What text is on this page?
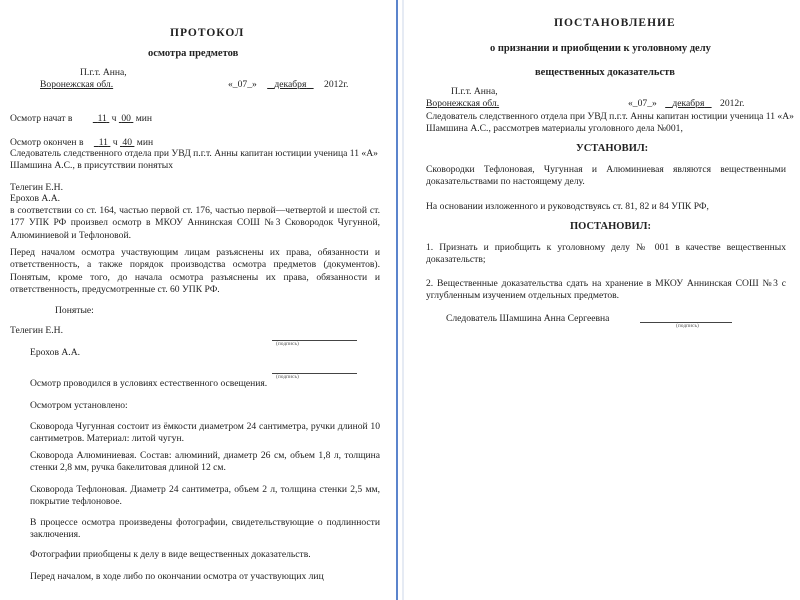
ПРОТОКОЛ
осмотра предметов
П.г.т. Анна,
Воронежская обл.	«_07_» декабря 2012г.
Осмотр начат в	11 ч 00 мин
Осмотр окончен в 11 ч 40 мин
Следователь следственного отдела при УВД п.г.т. Анны капитан юстиции ученица 11 «А»
Шамшина А.С., в присутствии понятых
Телегин Е.Н.
Ерохов А.А.

в соответствии со ст. 164, частью первой ст. 176, частью первой—четвертой и шестой ст. 177 УПК РФ произвел осмотр в МКОУ Аннинская СОШ №3 Сковородок Чугунной, Алюминиевой и Тефлоновой.

Перед началом осмотра участвующим лицам разъяснены их права, обязанности и ответственность, а также порядок производства осмотра предметов (документов). Понятым, кроме того, до начала осмотра разъяснены их права, обязанности и ответственность, предусмотренные ст. 60 УПК РФ.

Понятые:
Телегин Е.Н.
(подпись)
Ерохов А.А.
(подпись)
Осмотр проводился в условиях естественного освещения.
Осмотром установлено:

Сковорода Чугунная состоит из ёмкости диаметром 24 сантиметра, ручки длиной 10 сантиметров. Материал: литой чугун.

Сковорода Алюминиевая. Состав: алюминий, диаметр 26 см, объем 1,8 л, толщина стенки 2,8 мм, ручка бакелитовая длиной 12 см.

Сковорода Тефлоновая. Диаметр 24 сантиметра, объем 2 л, толщина стенки 2,5 мм, покрытие тефлоновое.

В процессе осмотра произведены фотографии, свидетельствующие о подлинности заключения.

Фотографии приобщены к делу в виде вещественных доказательств.
Перед началом, в ходе либо по окончании осмотра от участвующих лиц
ПОСТАНОВЛЕНИЕ
о признании и приобщении к уголовному делу
вещественных доказательств
П.г.т. Анна,
Воронежская обл.	«_07_» декабря 2012г.
Следователь следственного отдела при УВД п.г.т. Анны капитан юстиции ученица 11 «А»
Шамшина А.С., рассмотрев материалы уголовного дела №001,
УСТАНОВИЛ:

Сковородки Тефлоновая, Чугунная и Алюминиевая являются вещественными доказательствами по настоящему делу.

На основании изложенного и руководствуясь ст. 81, 82 и 84 УПК РФ,
ПОСТАНОВИЛ:

1. Признать и приобщить к уголовному делу № 001 в качестве вещественных доказательств;

2. Вещественные доказательства сдать на хранение в МКОУ Аннинская СОШ №3 с углубленным изучением отдельных предметов.

Следователь Шамшина Анна Сергеевна
(подпись)
